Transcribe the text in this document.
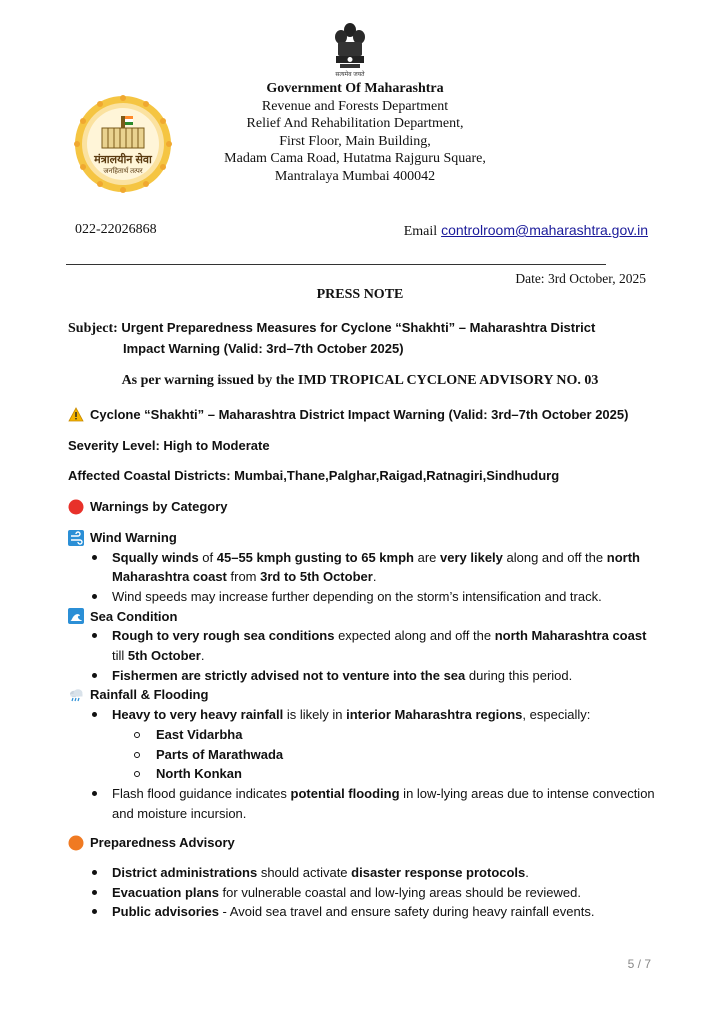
सत्यमेव जयते
मंत्रालयीन सेवा
जनहितार्थ तत्पर
Government Of Maharashtra
Revenue and Forests Department
Relief And Rehabilitation Department,
First Floor, Main Building,
Madam Cama Road, Hutatma Rajguru Square,
Mantralaya Mumbai 400042
022-22026868	Email controlroom@maharashtra.gov.in
Date: 3rd October, 2025
PRESS NOTE
Subject: Urgent Preparedness Measures for Cyclone “Shakhti” – Maharashtra District
Impact Warning (Valid: 3rd–7th October 2025)
As per warning issued by the IMD TROPICAL CYCLONE ADVISORY NO. 03
Cyclone “Shakhti” – Maharashtra District Impact Warning (Valid: 3rd–7th October 2025)

Severity Level: High to Moderate

Affected Coastal Districts: Mumbai,Thane,Palghar,Raigad,Ratnagiri,Sindhudurg

Warnings by Category
Wind Warning
Squally winds of 45–55 kmph gusting to 65 kmph are very likely along and off the north Maharashtra coast from 3rd to 5th October.
Wind speeds may increase further depending on the storm’s intensification and track.
Sea Condition
Rough to very rough sea conditions expected along and off the north Maharashtra coast till 5th October.
Fishermen are strictly advised not to venture into the sea during this period.
Rainfall & Flooding
Heavy to very heavy rainfall is likely in interior Maharashtra regions, especially:
East Vidarbha
Parts of Marathwada
North Konkan
Flash flood guidance indicates potential flooding in low-lying areas due to intense convection and moisture incursion.
Preparedness Advisory
District administrations should activate disaster response protocols.
Evacuation plans for vulnerable coastal and low-lying areas should be reviewed.
Public advisories - Avoid sea travel and ensure safety during heavy rainfall events.
5 / 7
